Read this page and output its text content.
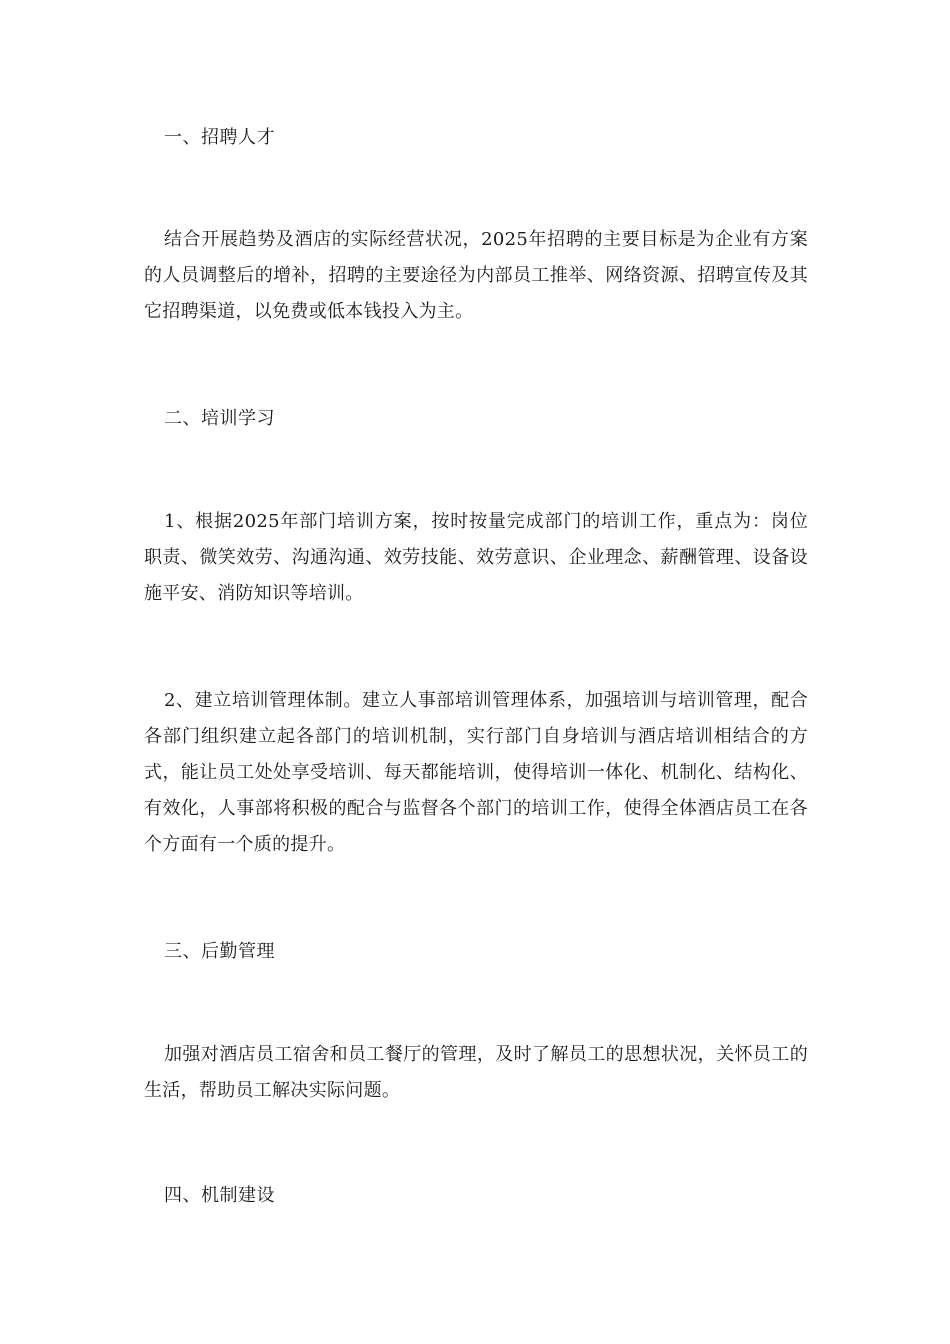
一、招聘人才
结合开展趋势及酒店的实际经营状况，2025年招聘的主要目标是为企业有方案的人员调整后的增补，招聘的主要途径为内部员工推举、网络资源、招聘宣传及其它招聘渠道，以免费或低本钱投入为主。
二、培训学习
1、根据2025年部门培训方案，按时按量完成部门的培训工作，重点为：岗位职责、微笑效劳、沟通沟通、效劳技能、效劳意识、企业理念、薪酬管理、设备设施平安、消防知识等培训。
2、建立培训管理体制。建立人事部培训管理体系，加强培训与培训管理，配合各部门组织建立起各部门的培训机制，实行部门自身培训与酒店培训相结合的方式，能让员工处处享受培训、每天都能培训，使得培训一体化、机制化、结构化、有效化，人事部将积极的配合与监督各个部门的培训工作，使得全体酒店员工在各个方面有一个质的提升。
三、后勤管理
加强对酒店员工宿舍和员工餐厅的管理，及时了解员工的思想状况，关怀员工的生活，帮助员工解决实际问题。
四、机制建设
